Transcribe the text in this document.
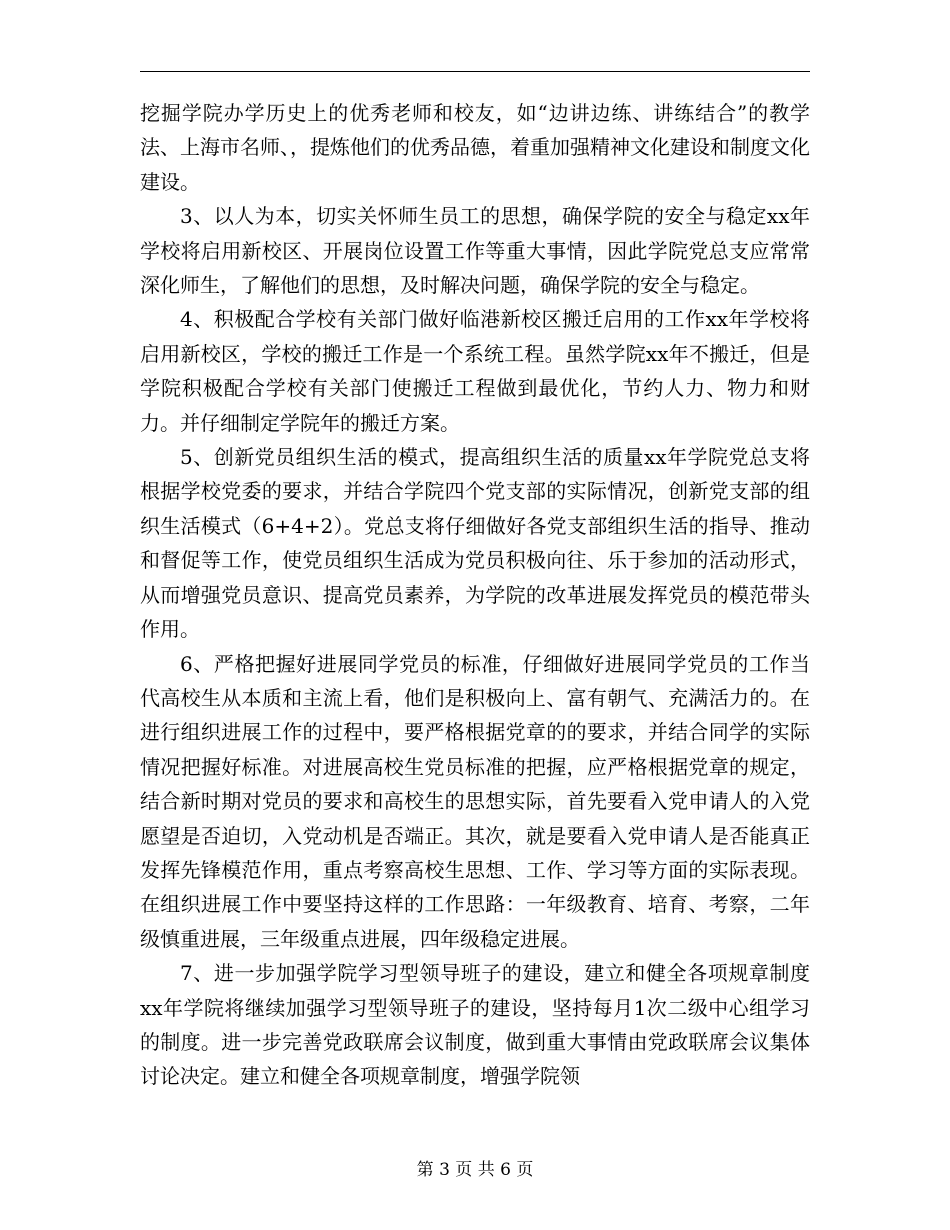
挖掘学院办学历史上的优秀老师和校友，如“边讲边练、讲练结合”的教学法、上海市名师、，提炼他们的优秀品德，着重加强精神文化建设和制度文化建设。

3、以人为本，切实关怀师生员工的思想，确保学院的安全与稳定xx年学校将启用新校区、开展岗位设置工作等重大事情，因此学院党总支应常常深化师生，了解他们的思想，及时解决问题，确保学院的安全与稳定。

4、积极配合学校有关部门做好临港新校区搬迁启用的工作xx年学校将启用新校区，学校的搬迁工作是一个系统工程。虽然学院xx年不搬迁，但是学院积极配合学校有关部门使搬迁工程做到最优化，节约人力、物力和财力。并仔细制定学院年的搬迁方案。

5、创新党员组织生活的模式，提高组织生活的质量xx年学院党总支将根据学校党委的要求，并结合学院四个党支部的实际情况，创新党支部的组织生活模式（6+4+2）。党总支将仔细做好各党支部组织生活的指导、推动和督促等工作，使党员组织生活成为党员积极向往、乐于参加的活动形式，从而增强党员意识、提高党员素养，为学院的改革进展发挥党员的模范带头作用。

6、严格把握好进展同学党员的标准，仔细做好进展同学党员的工作当代高校生从本质和主流上看，他们是积极向上、富有朝气、充满活力的。在进行组织进展工作的过程中，要严格根据党章的的要求，并结合同学的实际情况把握好标准。对进展高校生党员标准的把握，应严格根据党章的规定，结合新时期对党员的要求和高校生的思想实际，首先要看入党申请人的入党愿望是否迫切，入党动机是否端正。其次，就是要看入党申请人是否能真正发挥先锋模范作用，重点考察高校生思想、工作、学习等方面的实际表现。在组织进展工作中要坚持这样的工作思路：一年级教育、培育、考察，二年级慎重进展，三年级重点进展，四年级稳定进展。

7、进一步加强学院学习型领导班子的建设，建立和健全各项规章制度xx年学院将继续加强学习型领导班子的建设，坚持每月1次二级中心组学习的制度。进一步完善党政联席会议制度，做到重大事情由党政联席会议集体讨论决定。建立和健全各项规章制度，增强学院领

第 3 页 共 6 页
